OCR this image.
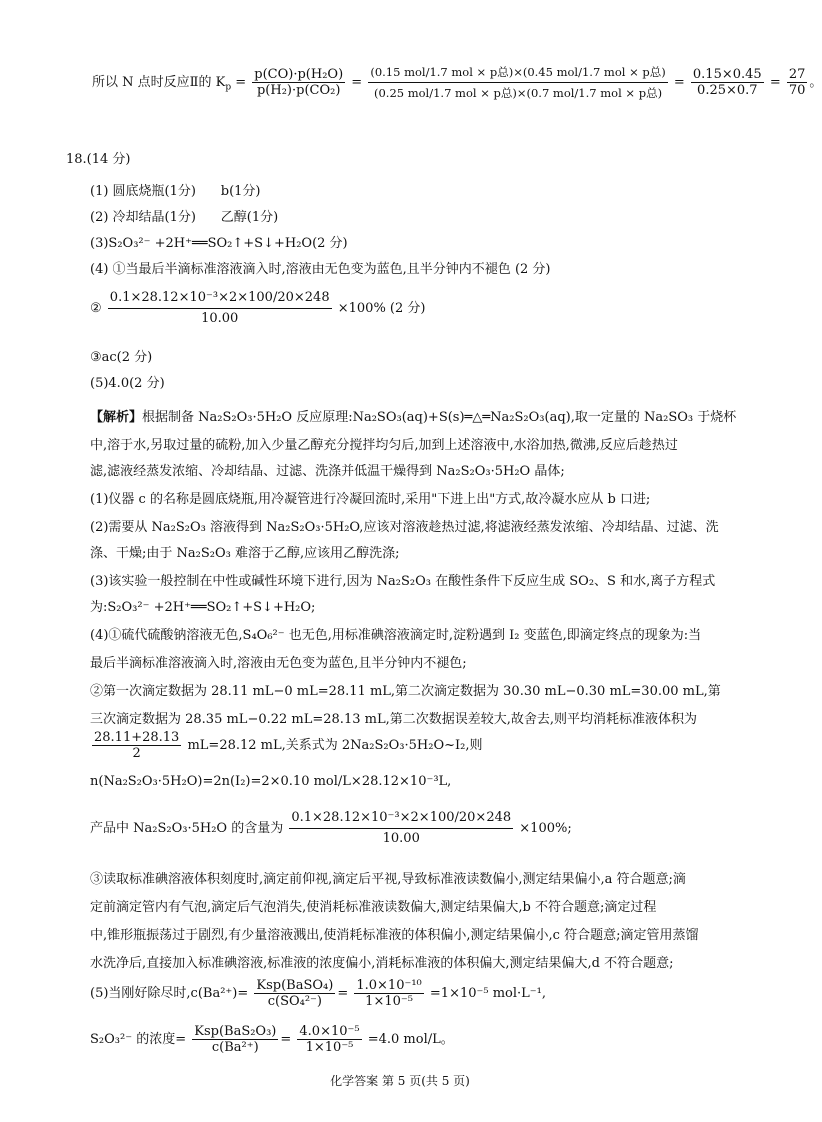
所以 N 点时反应Ⅱ的 $K_p = \frac{\text{p(CO)·p(H₂O)}}{\text{p(H₂)·p(CO₂)}} = \frac{\text{(0.15 mol/1.7 mol × p总)×(0.45 mol/1.7 mol × p总)}}{\text{(0.25 mol/1.7 mol × p总)×(0.7 mol/1.7 mol × p总)}} = \frac{0.15\times 0.45}{0.25\times 0.7} = \frac{27}{70}$ 。
18.(14 分)
(1) 圆底烧瓶(1分)      b(1分)
(2) 冷却结晶(1分)      乙醇(1分)
(3)S₂O₃²⁻ +2H⁺══SO₂↑+S↓+H₂O(2 分)
(4) ①当最后半滴标准溶液滴入时,溶液由无色变为蓝色,且半分钟内不褪色 (2 分)
② $\frac{\text{0.1×28.12×10⁻³×2×100/20×248}}{10.00} \times 100\%$ (2 分)
③ac(2 分)
(5)4.0(2 分)
【解析】根据制备 Na₂S₂O₃·5H₂O 反应原理:Na₂SO₃(aq)+S(s)═△═Na₂S₂O₃(aq),取一定量的 Na₂SO₃ 于烧杯
中,溶于水,另取过量的硫粉,加入少量乙醇充分搅拌均匀后,加到上述溶液中,水浴加热,微沸,反应后趁热过
滤,滤液经蒸发浓缩、冷却结晶、过滤、洗涤并低温干燥得到 Na₂S₂O₃·5H₂O 晶体;
(1)仪器 c 的名称是圆底烧瓶,用冷凝管进行冷凝回流时,采用"下进上出"方式,故冷凝水应从 b 口进;
(2)需要从 Na₂S₂O₃ 溶液得到 Na₂S₂O₃·5H₂O,应该对溶液趁热过滤,将滤液经蒸发浓缩、冷却结晶、过滤、洗
涤、干燥;由于 Na₂S₂O₃ 难溶于乙醇,应该用乙醇洗涤;
(3)该实验一般控制在中性或碱性环境下进行,因为 Na₂S₂O₃ 在酸性条件下反应生成 SO₂、S 和水,离子方程式
为:S₂O₃²⁻ +2H⁺══SO₂↑+S↓+H₂O;
(4)①硫代硫酸钠溶液无色,S₄O₆²⁻ 也无色,用标准碘溶液滴定时,淀粉遇到 I₂ 变蓝色,即滴定终点的现象为:当
最后半滴标准溶液滴入时,溶液由无色变为蓝色,且半分钟内不褪色;
②第一次滴定数据为 28.11 mL−0 mL=28.11 mL,第二次滴定数据为 30.30 mL−0.30 mL=30.00 mL,第
三次滴定数据为 28.35 mL−0.22 mL=28.13 mL,第二次数据误差较大,故舍去,则平均消耗标准液体积为
$\frac{28.11+28.13}{2} mL=28.12$ mL,关系式为 2Na₂S₂O₃·5H₂O~I₂,则
n(Na₂S₂O₃·5H₂O)=2n(I₂)=2×0.10 mol/L×28.12×10⁻³L,
产品中 Na₂S₂O₃·5H₂O 的含量为 $\frac{\text{0.1×28.12×10⁻³×2×100/20×248}}{10.00} \times 100\%$;
③读取标准碘溶液体积刻度时,滴定前仰视,滴定后平视,导致标准液读数偏小,测定结果偏小,a 符合题意;滴
定前滴定管内有气泡,滴定后气泡消失,使消耗标准液读数偏大,测定结果偏大,b 不符合题意;滴定过程
中,锥形瓶振荡过于剧烈,有少量溶液溅出,使消耗标准液的体积偏小,测定结果偏小,c 符合题意;滴定管用蒸馏
水洗净后,直接加入标准碘溶液,标准液的浓度偏小,消耗标准液的体积偏大,测定结果偏大,d 不符合题意;
(5)当刚好除尽时$,c(Ba^{2+})= \frac{\text{Ksp(BaSO₄)}}{\text{c(SO₄²⁻)}} = \frac{\text{1.0×10⁻¹⁰}}{\text{1×10⁻⁵}} =1\times 10^{-5}$ mol·L⁻¹,
S₂O₃²⁻ 的浓度= $\frac{\text{Ksp(BaS₂O₃)}}{\text{c(Ba²⁺)}} = \frac{\text{4.0×10⁻⁵}}{\text{1×10⁻⁵}} =4.0$ mol/L。
化学答案 第 5 页(共 5 页)
